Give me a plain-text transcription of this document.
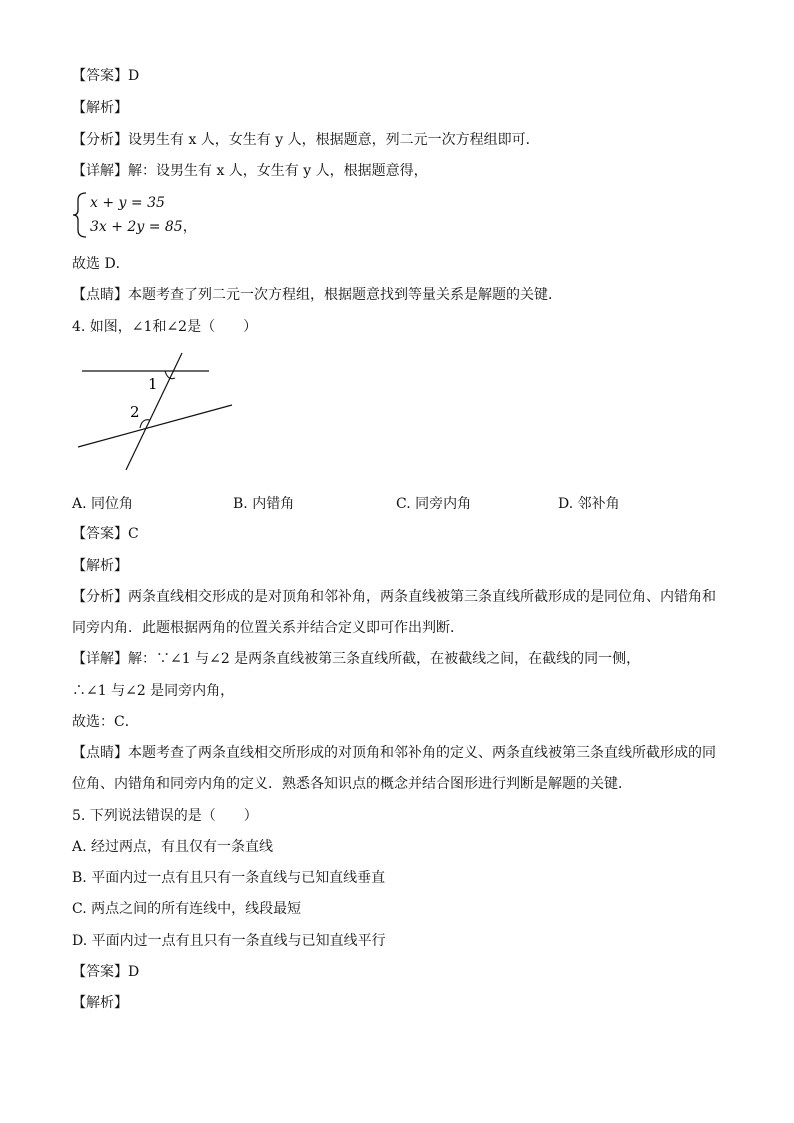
【答案】D
【解析】
【分析】设男生有 x 人，女生有 y 人，根据题意，列二元一次方程组即可．
【详解】解：设男生有 x 人，女生有 y 人，根据题意得，
x + y = 35
3x + 2y = 85，
故选 D．
【点睛】本题考查了列二元一次方程组，根据题意找到等量关系是解题的关键．
4. 如图，∠1和∠2是（　　）
1
2
A. 同位角	B. 内错角	C. 同旁内角	D. 邻补角
【答案】C
【解析】
【分析】两条直线相交形成的是对顶角和邻补角，两条直线被第三条直线所截形成的是同位角、内错角和
同旁内角．此题根据两角的位置关系并结合定义即可作出判断．
【详解】解：∵∠1 与∠2 是两条直线被第三条直线所截，在被截线之间，在截线的同一侧，
∴∠1 与∠2 是同旁内角，
故选：C．
【点睛】本题考查了两条直线相交所形成的对顶角和邻补角的定义、两条直线被第三条直线所截形成的同
位角、内错角和同旁内角的定义．熟悉各知识点的概念并结合图形进行判断是解题的关键．
5. 下列说法错误的是（　　）
A. 经过两点，有且仅有一条直线
B. 平面内过一点有且只有一条直线与已知直线垂直
C. 两点之间的所有连线中，线段最短
D. 平面内过一点有且只有一条直线与已知直线平行
【答案】D
【解析】
